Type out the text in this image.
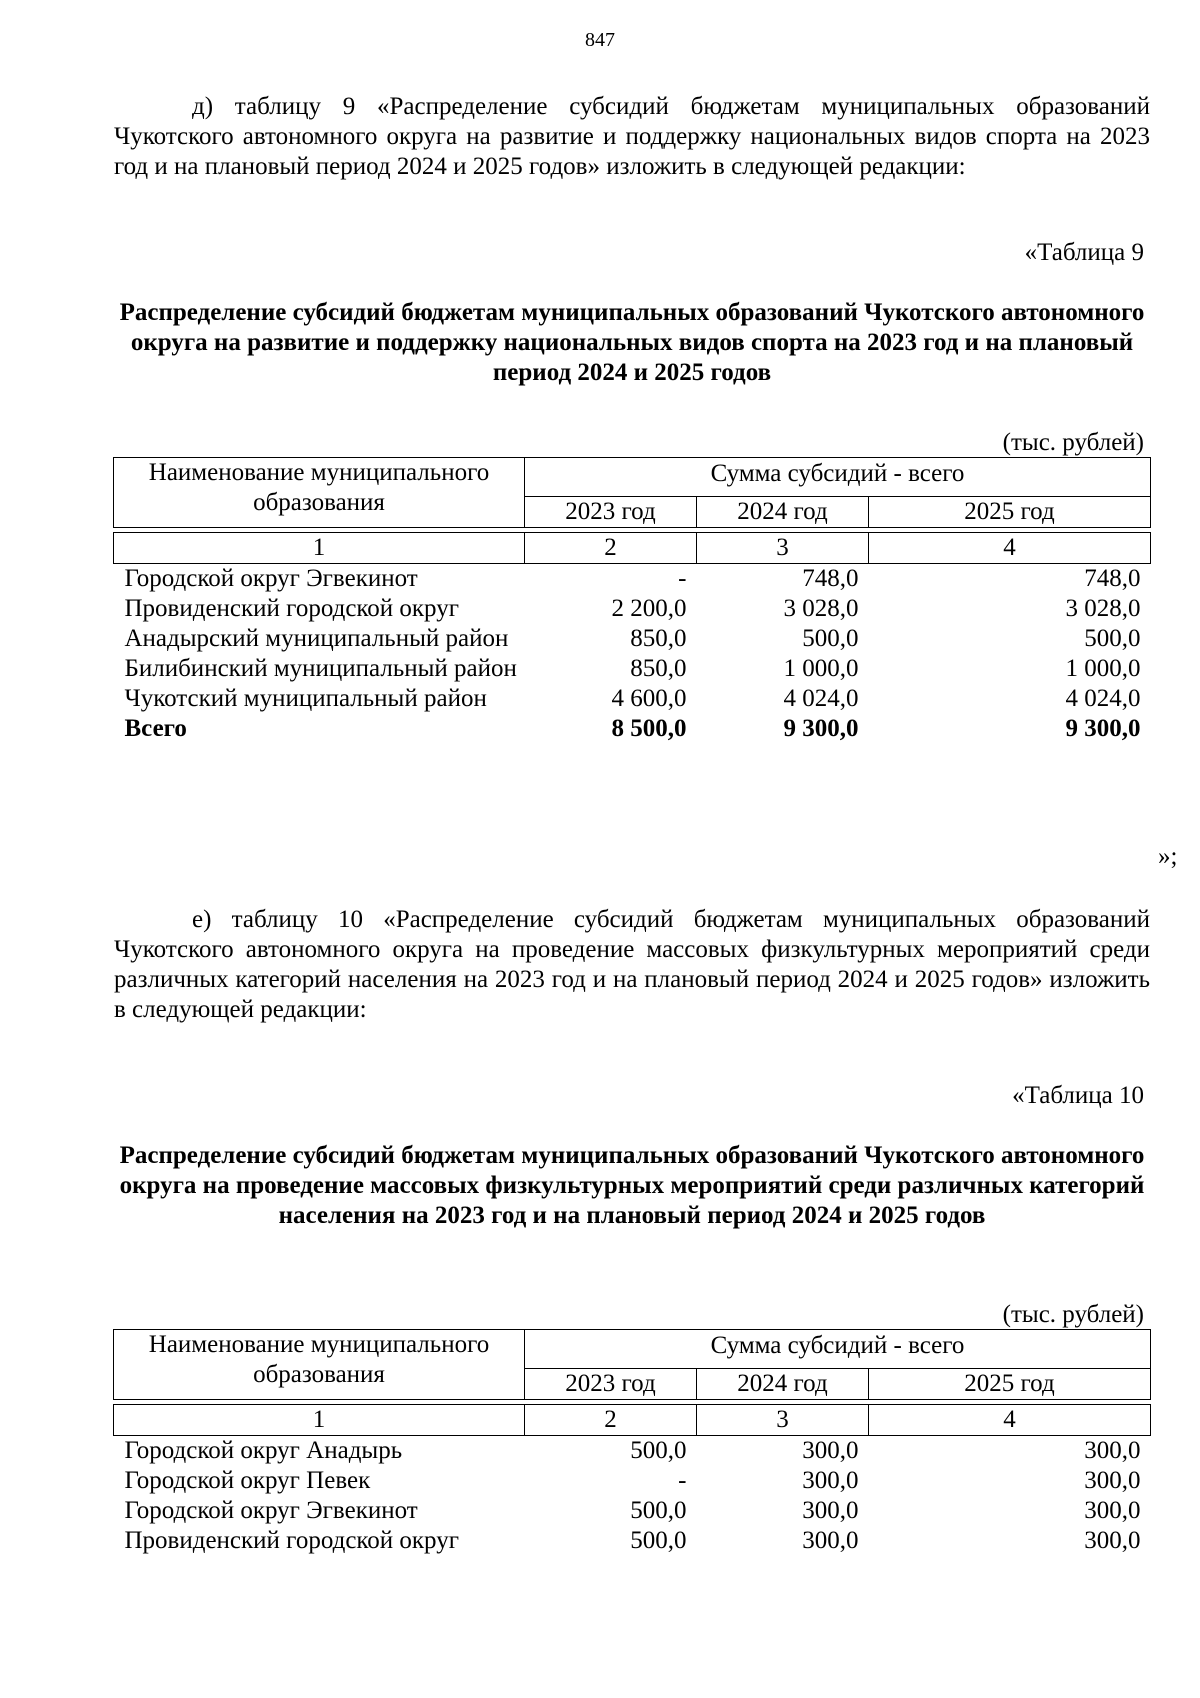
847

д) таблицу 9 «Распределение субсидий бюджетам муниципальных образований Чукотского автономного округа на развитие и поддержку национальных видов спорта на 2023 год и на плановый период 2024 и 2025 годов» изложить в следующей редакции:

«Таблица 9
Распределение субсидий бюджетам муниципальных образований Чукотского автономного округа на развитие и поддержку национальных видов спорта на 2023 год и на плановый период 2024 и 2025 годов
(тыс. рублей)
Наименование муниципального образования	Сумма субсидий - всего		
	2023 год	2024 год	2025 год

1	2	3	4
Городской округ Эгвекинот	-	748,0	748,0
Провиденский городской округ	2 200,0	3 028,0	3 028,0
Анадырский муниципальный район	850,0	500,0	500,0
Билибинский муниципальный район	850,0	1 000,0	1 000,0
Чукотский муниципальный район	4 600,0	4 024,0	4 024,0
Всего	8 500,0	9 300,0	9 300,0
»;

е) таблицу 10 «Распределение субсидий бюджетам муниципальных образований Чукотского автономного округа на проведение массовых физкультурных мероприятий среди различных категорий населения на 2023 год и на плановый период 2024 и 2025 годов» изложить в следующей редакции:

«Таблица 10
Распределение субсидий бюджетам муниципальных образований Чукотского автономного округа на проведение массовых физкультурных мероприятий среди различных категорий населения на 2023 год и на плановый период 2024 и 2025 годов
(тыс. рублей)
Наименование муниципального образования	Сумма субсидий - всего		
	2023 год	2024 год	2025 год

1	2	3	4
Городской округ Анадырь	500,0	300,0	300,0
Городской округ Певек	-	300,0	300,0
Городской округ Эгвекинот	500,0	300,0	300,0
Провиденский городской округ	500,0	300,0	300,0
